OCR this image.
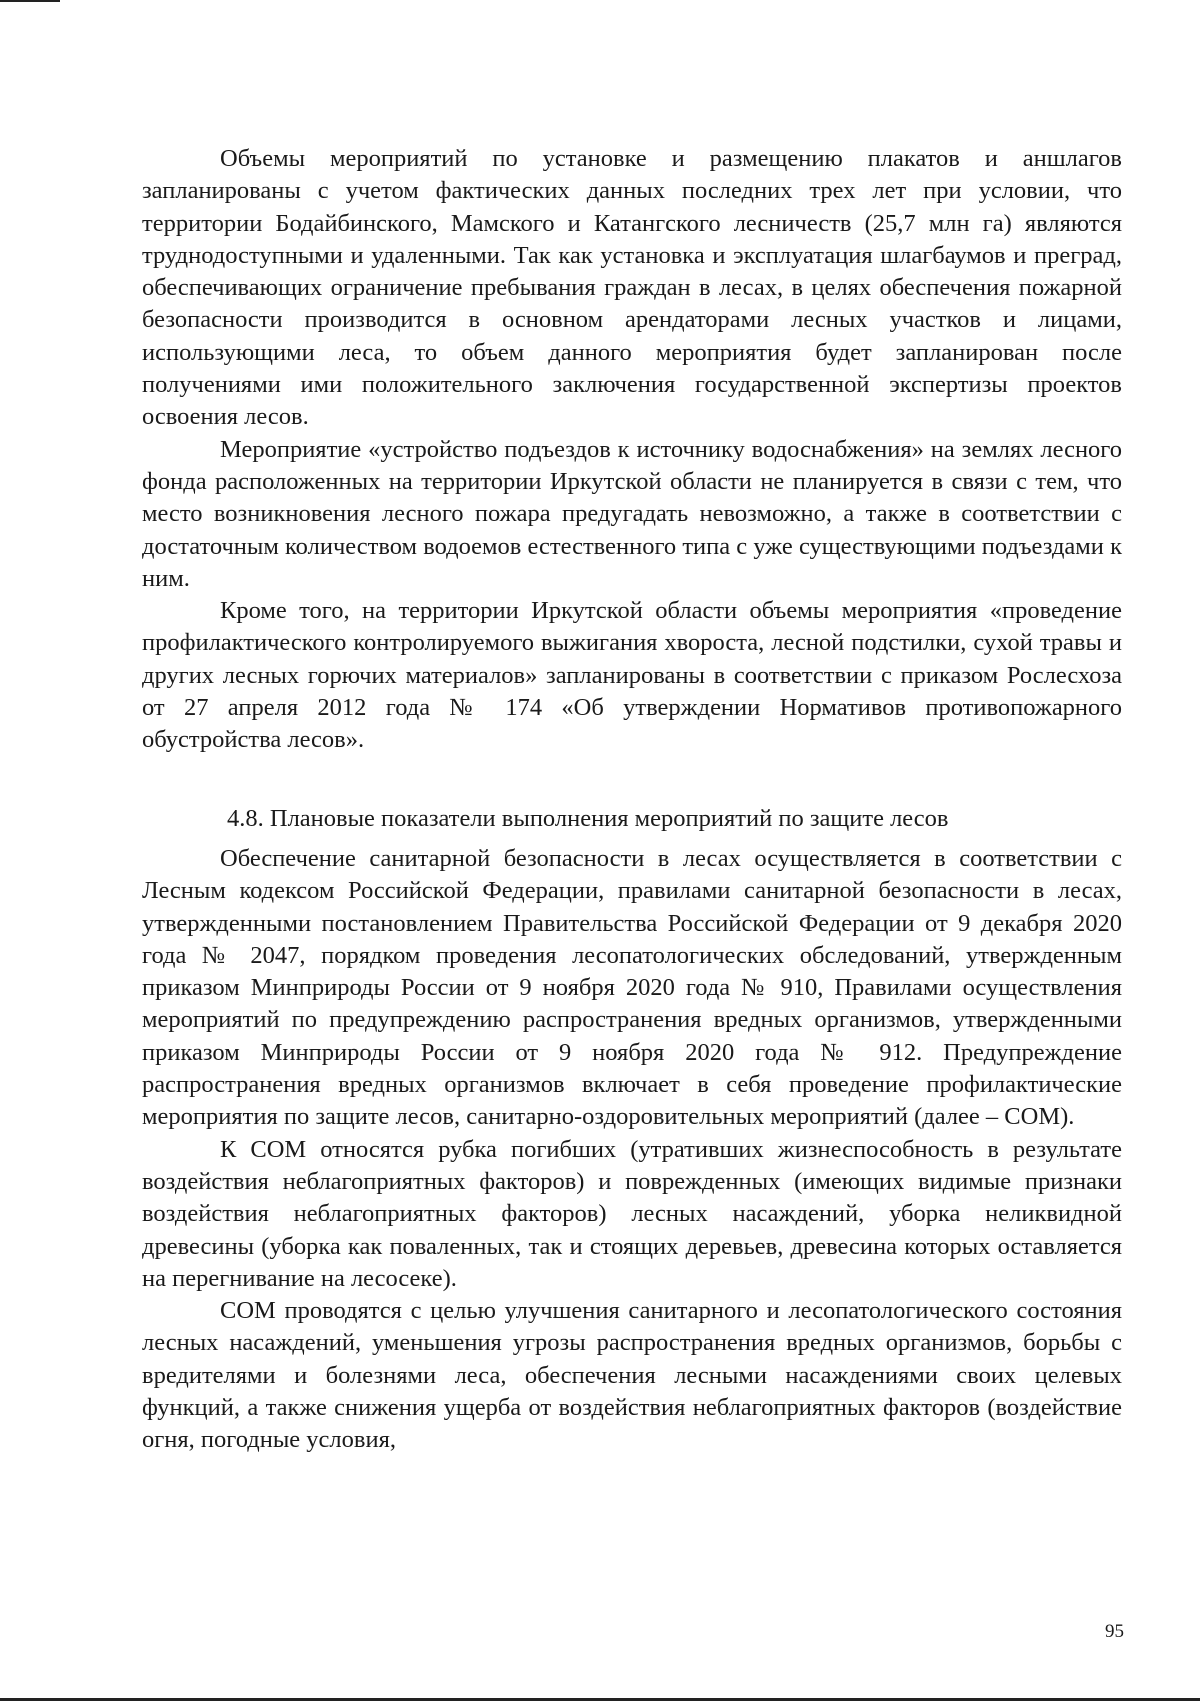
Объемы мероприятий по установке и размещению плакатов и аншлагов запланированы с учетом фактических данных последних трех лет при условии, что территории Бодайбинского, Мамского и Катангского лесничеств (25,7 млн га) являются труднодоступными и удаленными. Так как установка и эксплуатация шлагбаумов и преград, обеспечивающих ограничение пребывания граждан в лесах, в целях обеспечения пожарной безопасности производится в основном арендаторами лесных участков и лицами, использующими леса, то объем данного мероприятия будет запланирован после получениями ими положительного заключения государственной экспертизы проектов освоения лесов.

Мероприятие «устройство подъездов к источнику водоснабжения» на землях лесного фонда расположенных на территории Иркутской области не планируется в связи с тем, что место возникновения лесного пожара предугадать невозможно, а также в соответствии с достаточным количеством водоемов естественного типа с уже существующими подъездами к ним.

Кроме того, на территории Иркутской области объемы мероприятия «проведение профилактического контролируемого выжигания хвороста, лесной подстилки, сухой травы и других лесных горючих материалов» запланированы в соответствии с приказом Рослесхоза от 27 апреля 2012 года № 174 «Об утверждении Нормативов противопожарного обустройства лесов».

4.8. Плановые показатели выполнения мероприятий по защите лесов

Обеспечение санитарной безопасности в лесах осуществляется в соответствии с Лесным кодексом Российской Федерации, правилами санитарной безопасности в лесах, утвержденными постановлением Правительства Российской Федерации от 9 декабря 2020 года № 2047, порядком проведения лесопатологических обследований, утвержденным приказом Минприроды России от 9 ноября 2020 года № 910, Правилами осуществления мероприятий по предупреждению распространения вредных организмов, утвержденными приказом Минприроды России от 9 ноября 2020 года № 912. Предупреждение распространения вредных организмов включает в себя проведение профилактические мероприятия по защите лесов, санитарно-оздоровительных мероприятий (далее – СОМ).

К СОМ относятся рубка погибших (утративших жизнеспособность в результате воздействия неблагоприятных факторов) и поврежденных (имеющих видимые признаки воздействия неблагоприятных факторов) лесных насаждений, уборка неликвидной древесины (уборка как поваленных, так и стоящих деревьев, древесина которых оставляется на перегнивание на лесосеке).

СОМ проводятся с целью улучшения санитарного и лесопатологического состояния лесных насаждений, уменьшения угрозы распространения вредных организмов, борьбы с вредителями и болезнями леса, обеспечения лесными насаждениями своих целевых функций, а также снижения ущерба от воздействия неблагоприятных факторов (воздействие огня, погодные условия,

95
